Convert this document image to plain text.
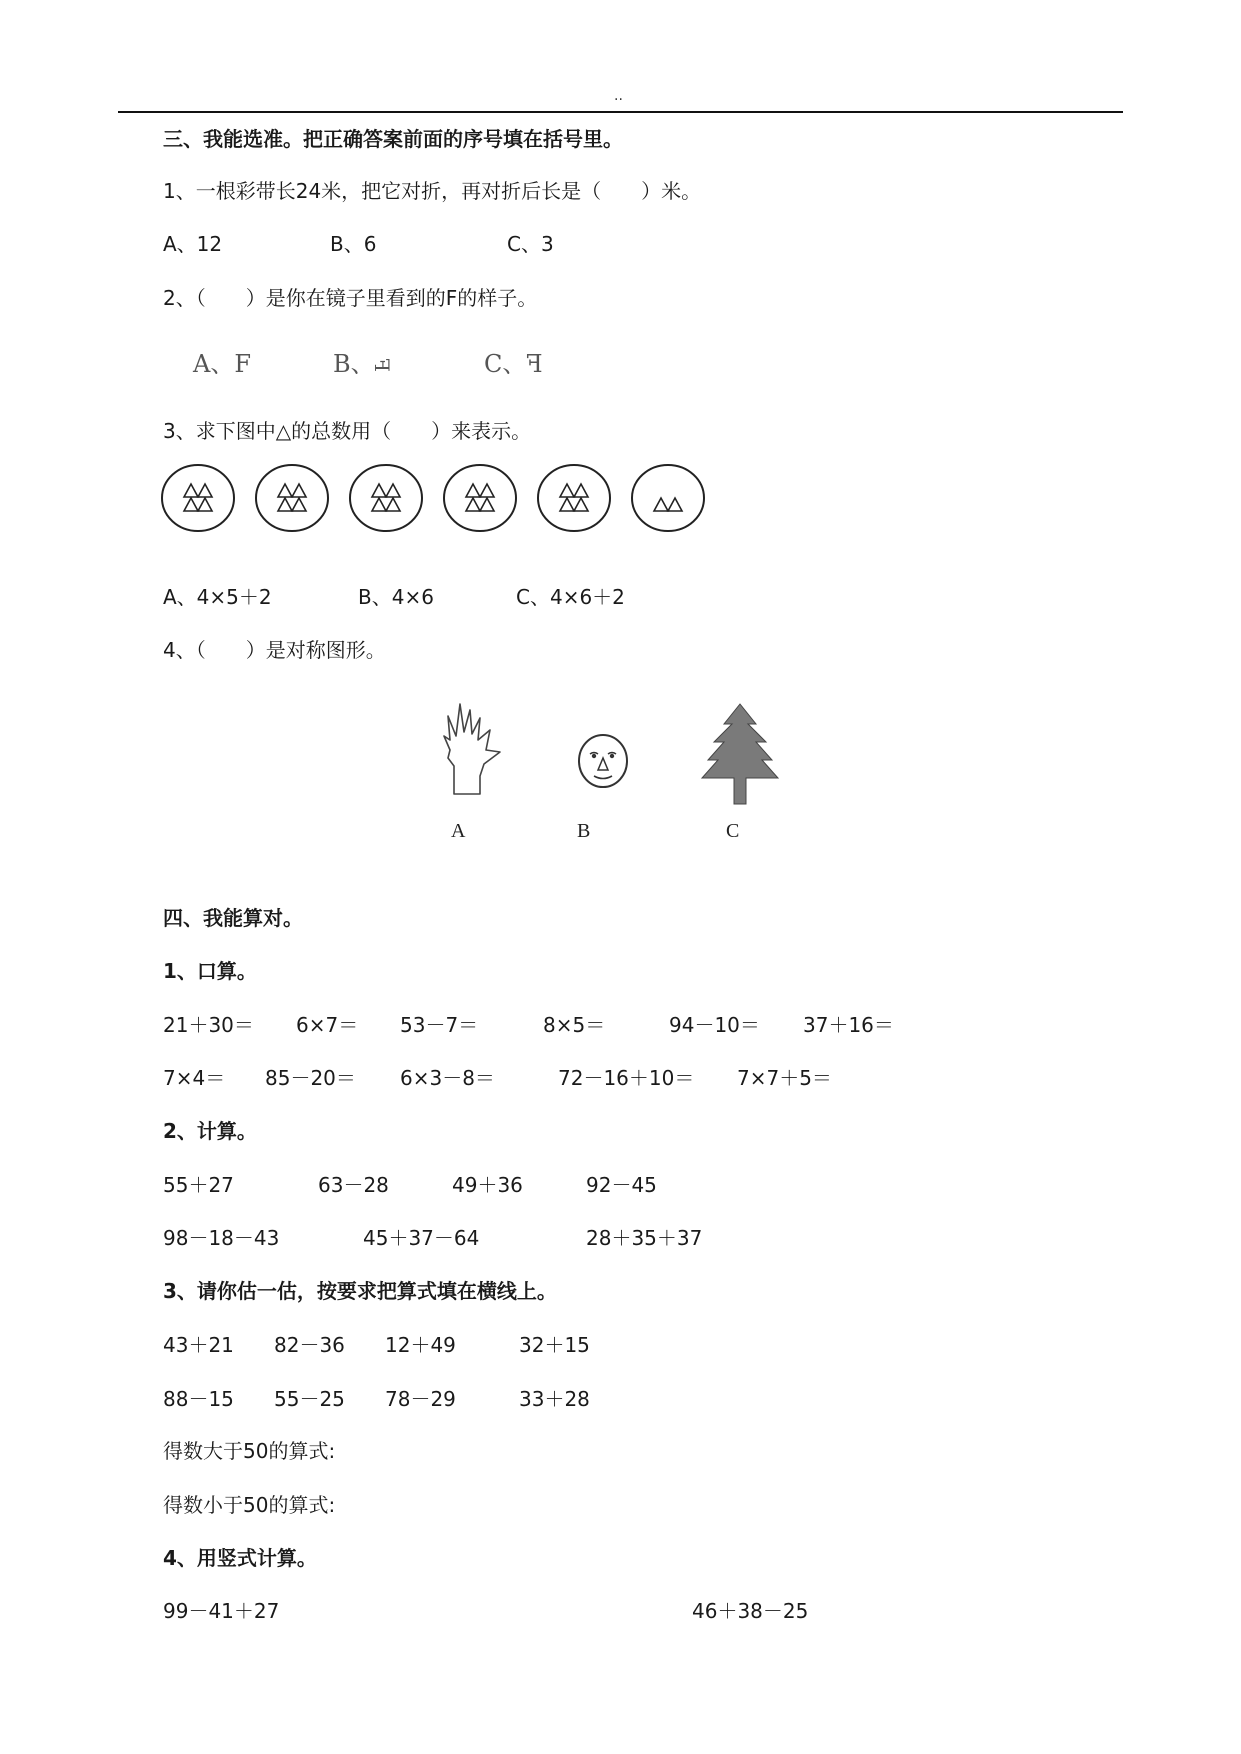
..
三、我能选准。把正确答案前面的序号填在括号里。
1、一根彩带长24米，把它对折，再对折后长是（　　）米。
A、12	B、6	C、3
2、（　　）是你在镜子里看到的F的样子。
A、F	B、F	C、F
3、求下图中△的总数用（　　）来表示。
A、4×5＋2	B、4×6	C、4×6＋2
4、（　　）是对称图形。
A	B	C
四、我能算对。
1、口算。
21＋30＝ 6×7＝ 53－7＝	8×5＝	94－10＝ 37＋16＝
7×4＝ 85－20＝ 6×3－8＝	72－16＋10＝ 7×7＋5＝
2、计算。
55＋27	63－28	49＋36	92－45
98－18－43	45＋37－64	28＋35＋37
3、请你估一估，按要求把算式填在横线上。
43＋21 82－36 12＋49	32＋15
88－15 55－25 78－29	33＋28
得数大于50的算式:
得数小于50的算式:
4、用竖式计算。
99－41＋27	46＋38－25
